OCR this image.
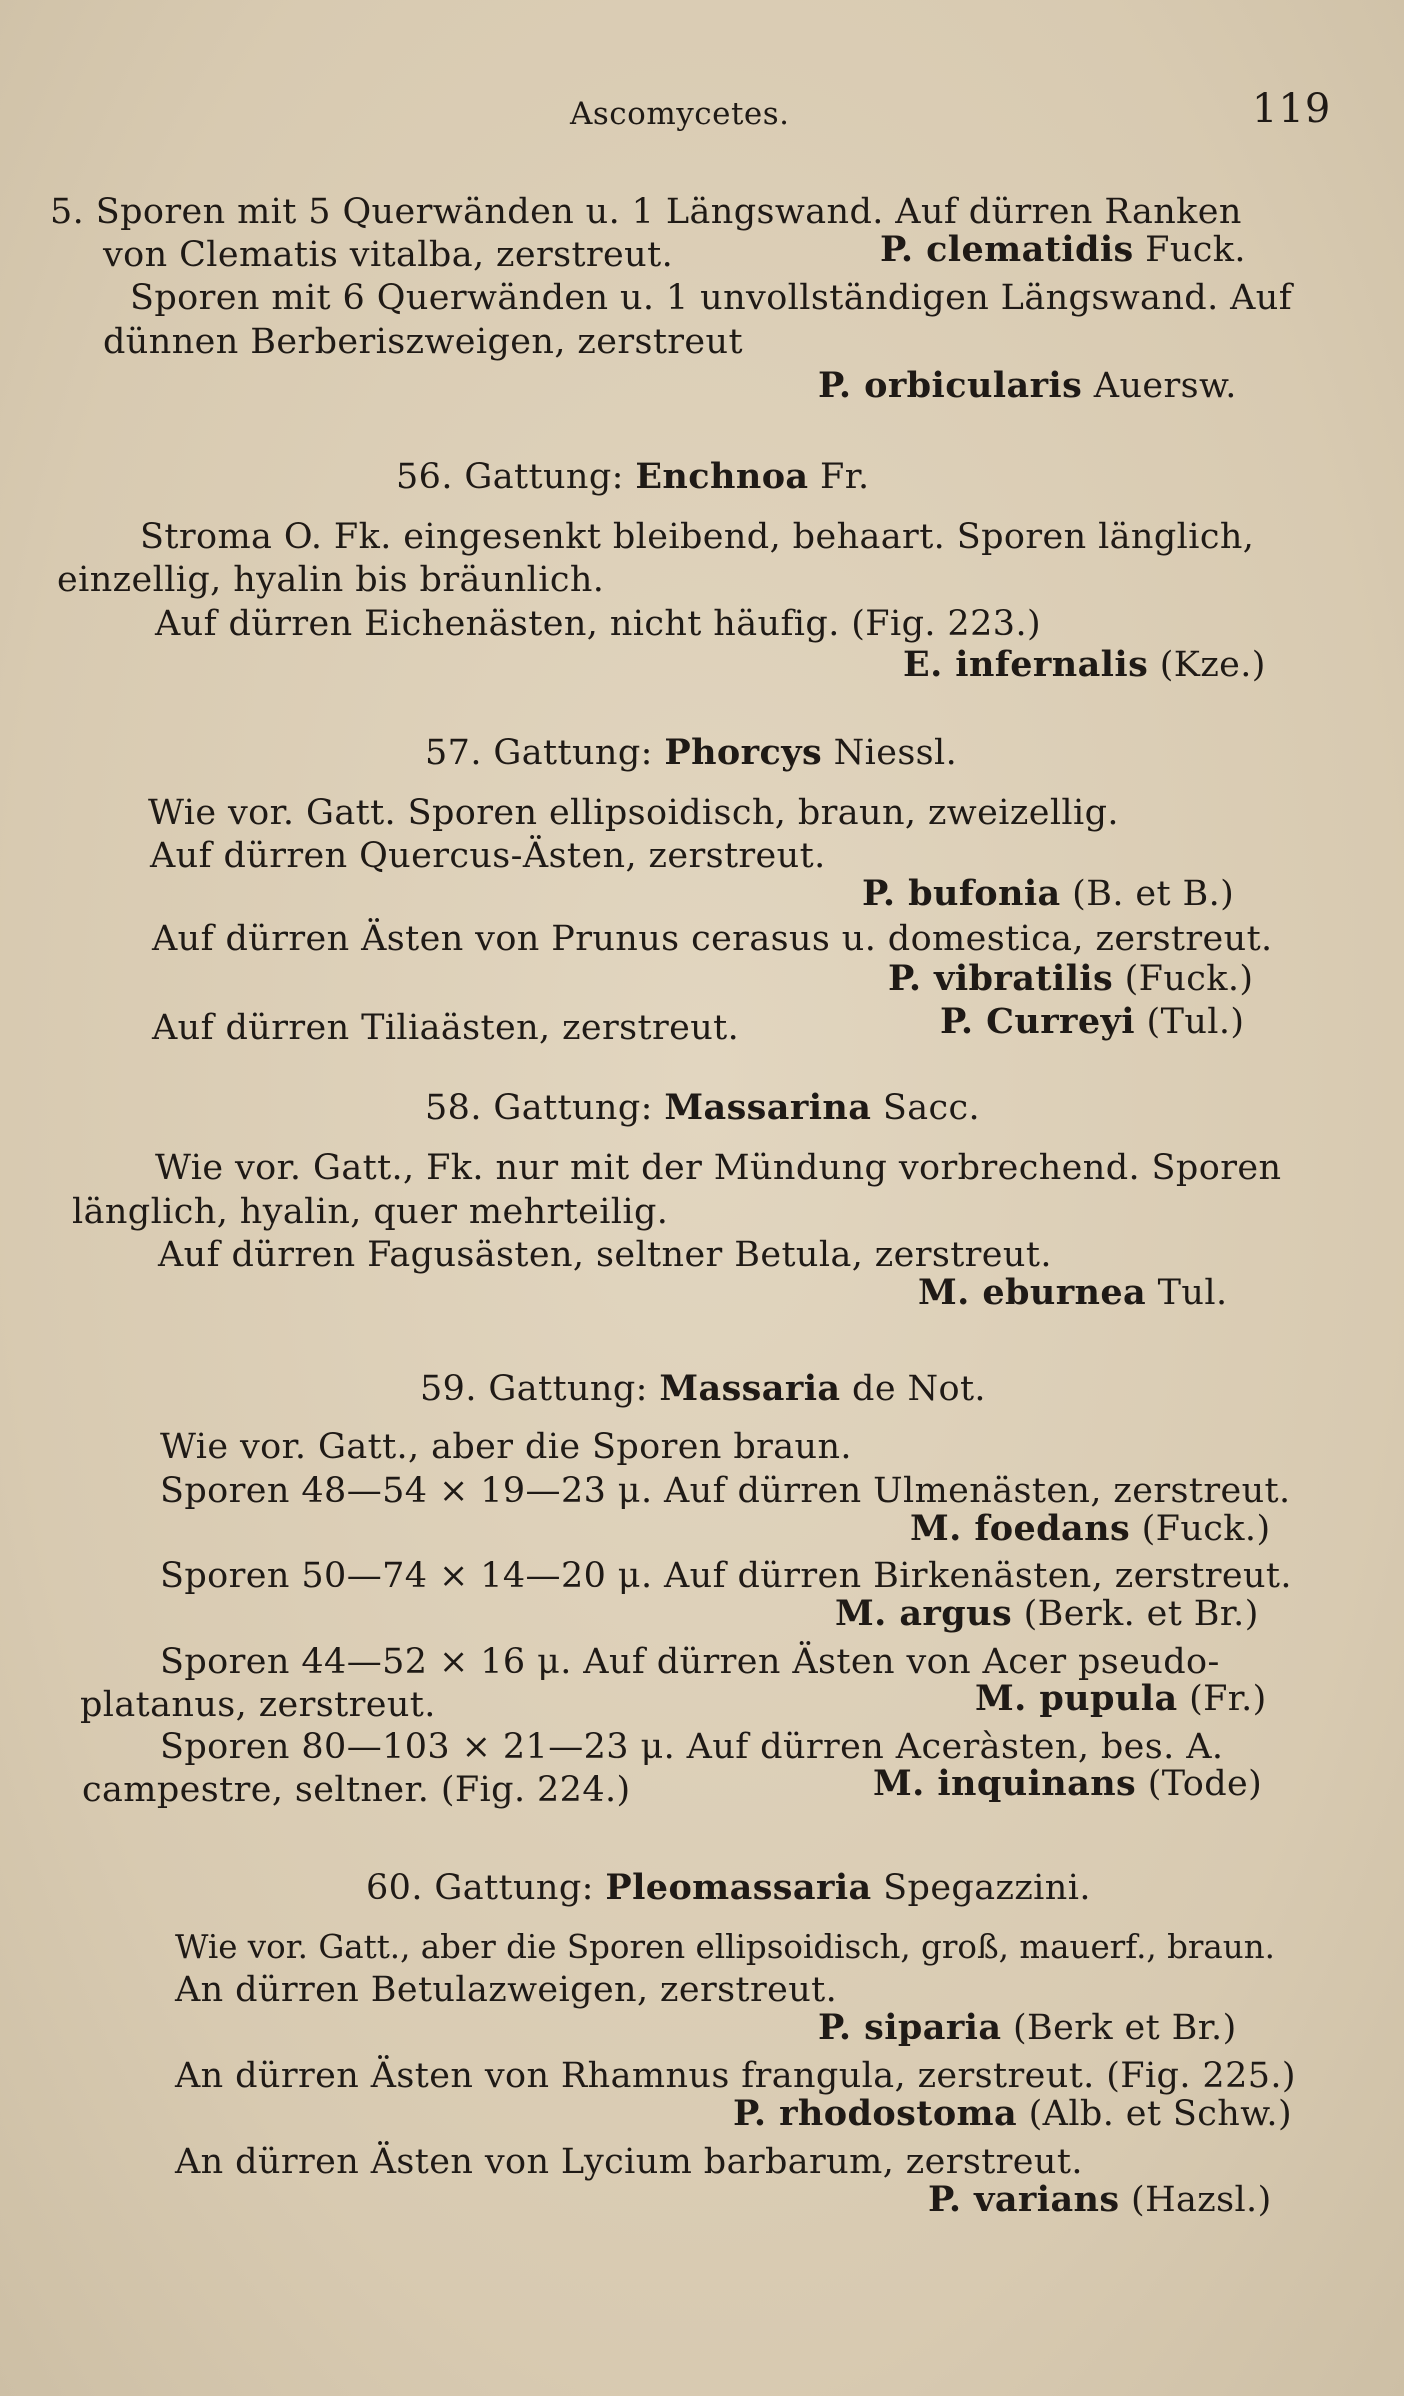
Ascomycetes.	119
5. Sporen mit 5 Querwänden u. 1 Längswand. Auf dürren Ranken
von Clematis vitalba, zerstreut.	P. clematidis Fuck.
Sporen mit 6 Querwänden u. 1 unvollständigen Längswand. Auf
dünnen Berberiszweigen, zerstreut
P. orbicularis Auersw.
56. Gattung: Enchnoa Fr.
Stroma O. Fk. eingesenkt bleibend, behaart. Sporen länglich,
einzellig, hyalin bis bräunlich.
Auf dürren Eichenästen, nicht häufig. (Fig. 223.)
E. infernalis (Kze.)
57. Gattung: Phorcys Niessl.
Wie vor. Gatt. Sporen ellipsoidisch, braun, zweizellig.
Auf dürren Quercus-Ästen, zerstreut.
P. bufonia (B. et B.)
Auf dürren Ästen von Prunus cerasus u. domestica, zerstreut.
P. vibratilis (Fuck.)
Auf dürren Tiliaästen, zerstreut.	P. Curreyi (Tul.)
58. Gattung: Massarina Sacc.
Wie vor. Gatt., Fk. nur mit der Mündung vorbrechend. Sporen
länglich, hyalin, quer mehrteilig.
Auf dürren Fagusästen, seltner Betula, zerstreut.
M. eburnea Tul.
59. Gattung: Massaria de Not.
Wie vor. Gatt., aber die Sporen braun.
Sporen 48—54 × 19—23 μ. Auf dürren Ulmenästen, zerstreut.
M. foedans (Fuck.)
Sporen 50—74 × 14—20 μ. Auf dürren Birkenästen, zerstreut.
M. argus (Berk. et Br.)
Sporen 44—52 × 16 μ. Auf dürren Ästen von Acer pseudo-
platanus, zerstreut.	M. pupula (Fr.)
Sporen 80—103 × 21—23 μ. Auf dürren Aceràsten, bes. A.
campestre, seltner. (Fig. 224.)	M. inquinans (Tode)
60. Gattung: Pleomassaria Spegazzini.
Wie vor. Gatt., aber die Sporen ellipsoidisch, groß, mauerf., braun.
An dürren Betulazweigen, zerstreut.
P. siparia (Berk et Br.)
An dürren Ästen von Rhamnus frangula, zerstreut. (Fig. 225.)
P. rhodostoma (Alb. et Schw.)
An dürren Ästen von Lycium barbarum, zerstreut.
P. varians (Hazsl.)
